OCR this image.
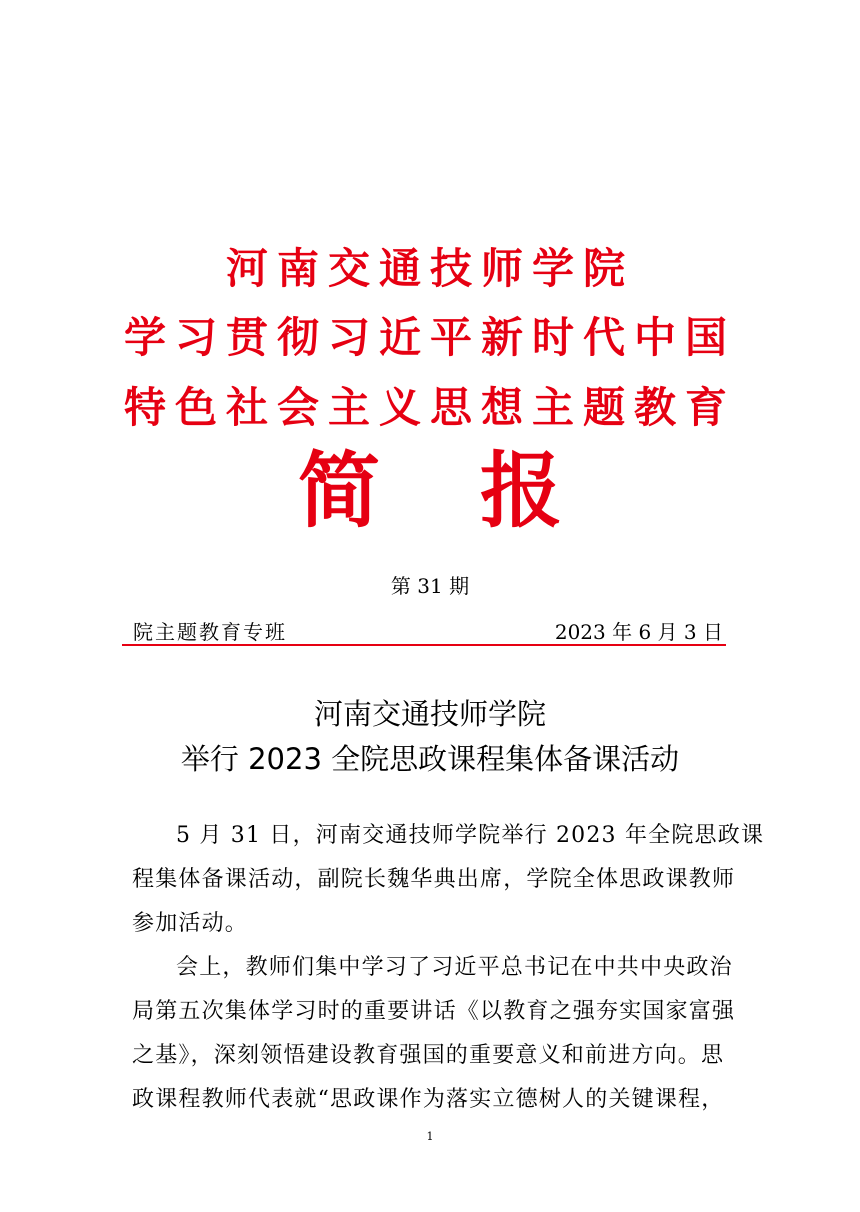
河南交通技师学院
学习贯彻习近平新时代中国
特色社会主义思想主题教育
简 报
第 31 期
院主题教育专班	2023 年 6 月 3 日
河南交通技师学院
举行 2023 全院思政课程集体备课活动
5 月 31 日，河南交通技师学院举行 2023 年全院思政课
程集体备课活动，副院长魏华典出席，学院全体思政课教师
参加活动。
会上，教师们集中学习了习近平总书记在中共中央政治
局第五次集体学习时的重要讲话《以教育之强夯实国家富强
之基》，深刻领悟建设教育强国的重要意义和前进方向。思
政课程教师代表就“思政课作为落实立德树人的关键课程，
1
